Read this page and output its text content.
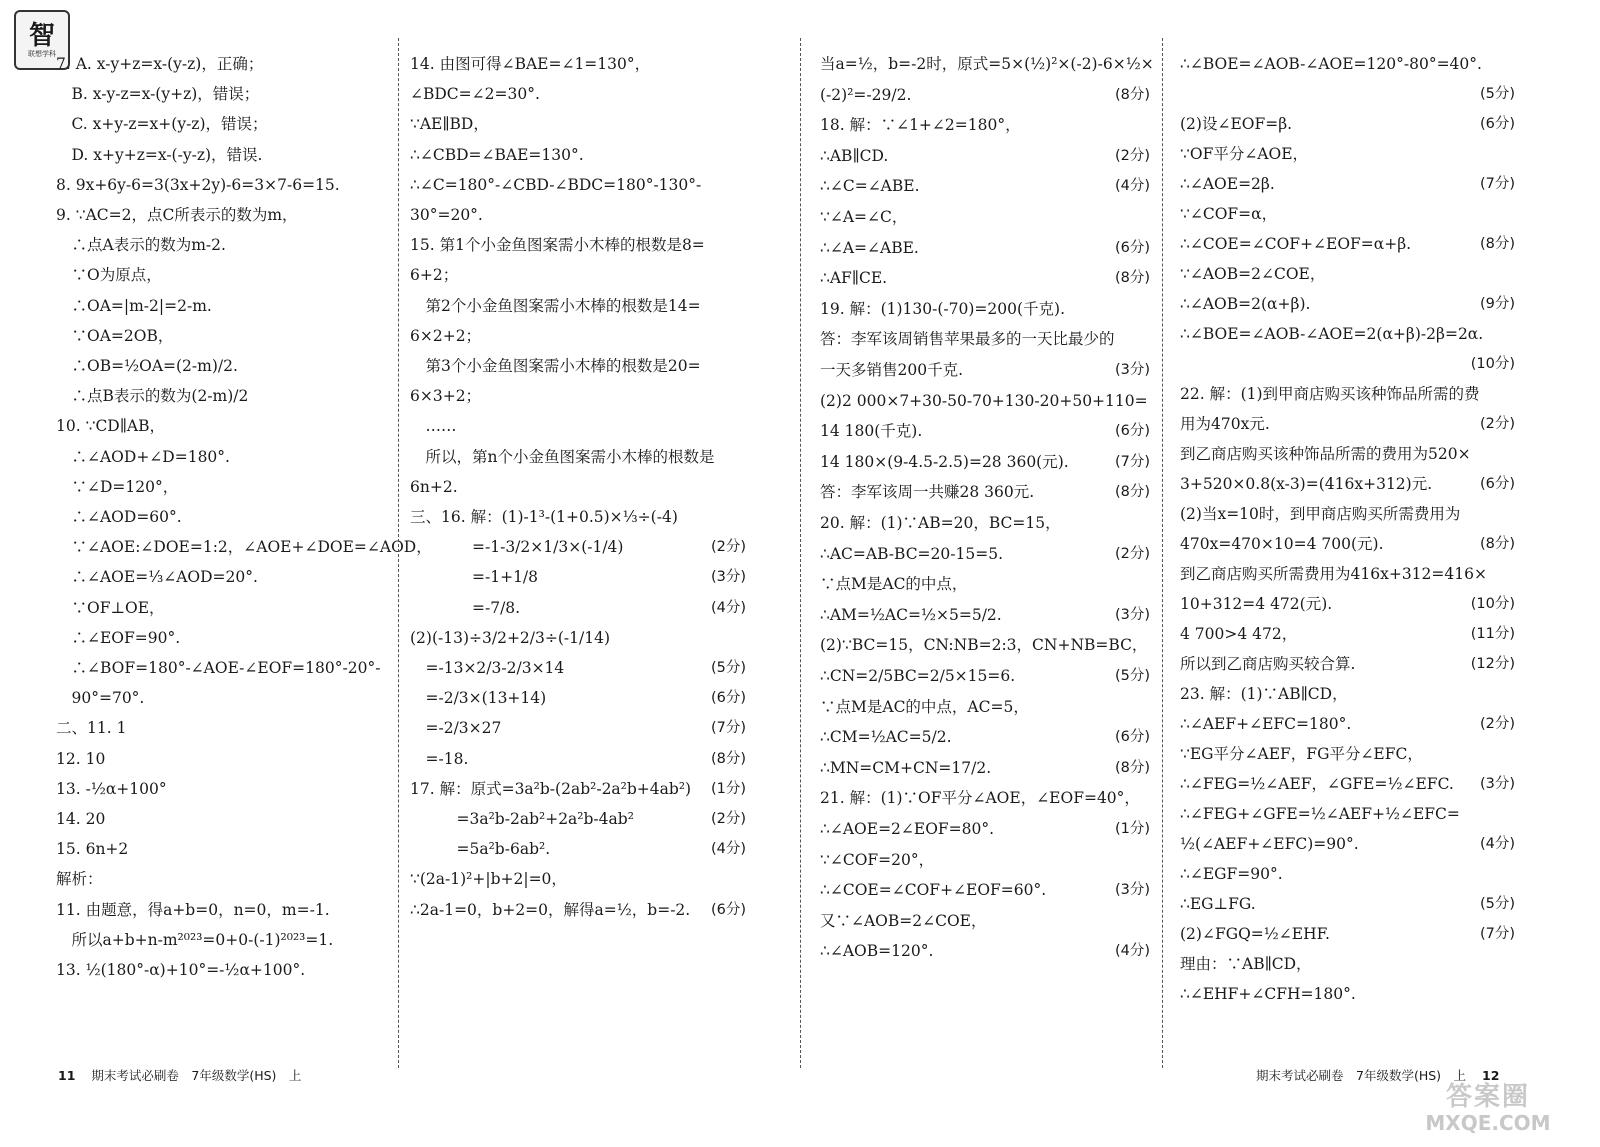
智
联想学科
7. A. x-y+z=x-(y-z)，正确；
　B. x-y-z=x-(y+z)，错误；
　C. x+y-z=x+(y-z)，错误；
　D. x+y+z=x-(-y-z)，错误.
8. 9x+6y-6=3(3x+2y)-6=3×7-6=15.
9. ∵AC=2，点C所表示的数为m，
　∴点A表示的数为m-2.
　∵O为原点，
　∴OA=|m-2|=2-m.
　∵OA=2OB，
　∴OB=½OA=(2-m)/2.
　∴点B表示的数为(2-m)/2
10. ∵CD∥AB，
　∴∠AOD+∠D=180°.
　∵∠D=120°，
　∴∠AOD=60°.
　∵∠AOE:∠DOE=1:2，∠AOE+∠DOE=∠AOD，
　∴∠AOE=⅓∠AOD=20°.
　∵OF⊥OE，
　∴∠EOF=90°.
　∴∠BOF=180°-∠AOE-∠EOF=180°-20°-
　90°=70°.
二、11. 1
12. 10
13. -½α+100°
14. 20
15. 6n+2
解析：
11. 由题意，得a+b=0，n=0，m=-1.
　所以a+b+n-m²⁰²³=0+0-(-1)²⁰²³=1.
13. ½(180°-α)+10°=-½α+100°.
14. 由图可得∠BAE=∠1=130°，
∠BDC=∠2=30°.
∵AE∥BD，
∴∠CBD=∠BAE=130°.
∴∠C=180°-∠CBD-∠BDC=180°-130°-
30°=20°.
15. 第1个小金鱼图案需小木棒的根数是8=
6+2；
　第2个小金鱼图案需小木棒的根数是14=
6×2+2；
　第3个小金鱼图案需小木棒的根数是20=
6×3+2；
　……
　所以，第n个小金鱼图案需小木棒的根数是
6n+2.
三、16. 解：(1)-1³-(1+0.5)×⅓÷(-4)
　　　　=-1-3/2×1/3×(-1/4)	(2分)
　　　　=-1+1/8	(3分)
　　　　=-7/8.	(4分)
(2)(-13)÷3/2+2/3÷(-1/14)
　=-13×2/3-2/3×14	(5分)
　=-2/3×(13+14)	(6分)
　=-2/3×27	(7分)
　=-18.	(8分)
17. 解：原式=3a²b-(2ab²-2a²b+4ab²) (1分)
　　　=3a²b-2ab²+2a²b-4ab²	(2分)
　　　=5a²b-6ab².	(4分)
∵(2a-1)²+|b+2|=0，
∴2a-1=0，b+2=0，解得a=½，b=-2. (6分)
当a=½，b=-2时，原式=5×(½)²×(-2)-6×½×
(-2)²=-29/2.	(8分)
18. 解：∵∠1+∠2=180°，
∴AB∥CD.	(2分)
∴∠C=∠ABE.	(4分)
∵∠A=∠C，
∴∠A=∠ABE.	(6分)
∴AF∥CE.	(8分)
19. 解：(1)130-(-70)=200(千克).
答：李军该周销售苹果最多的一天比最少的
一天多销售200千克.	(3分)
(2)2 000×7+30-50-70+130-20+50+110=
14 180(千克).	(6分)
14 180×(9-4.5-2.5)=28 360(元).	(7分)
答：李军该周一共赚28 360元.	(8分)
20. 解：(1)∵AB=20，BC=15，
∴AC=AB-BC=20-15=5.	(2分)
∵点M是AC的中点，
∴AM=½AC=½×5=5/2.	(3分)
(2)∵BC=15，CN:NB=2:3，CN+NB=BC，
∴CN=2/5BC=2/5×15=6.	(5分)
∵点M是AC的中点，AC=5，
∴CM=½AC=5/2.	(6分)
∴MN=CM+CN=17/2.	(8分)
21. 解：(1)∵OF平分∠AOE，∠EOF=40°，
∴∠AOE=2∠EOF=80°.	(1分)
∵∠COF=20°，
∴∠COE=∠COF+∠EOF=60°.	(3分)
又∵∠AOB=2∠COE，
∴∠AOB=120°.	(4分)
∴∠BOE=∠AOB-∠AOE=120°-80°=40°.
(5分)
(2)设∠EOF=β.	(6分)
∵OF平分∠AOE，
∴∠AOE=2β.	(7分)
∵∠COF=α，
∴∠COE=∠COF+∠EOF=α+β.	(8分)
∵∠AOB=2∠COE，
∴∠AOB=2(α+β).	(9分)
∴∠BOE=∠AOB-∠AOE=2(α+β)-2β=2α.
(10分)
22. 解：(1)到甲商店购买该种饰品所需的费
用为470x元.	(2分)
到乙商店购买该种饰品所需的费用为520×
3+520×0.8(x-3)=(416x+312)元.	(6分)
(2)当x=10时，到甲商店购买所需费用为
470x=470×10=4 700(元).	(8分)
到乙商店购买所需费用为416x+312=416×
10+312=4 472(元).	(10分)
4 700>4 472，	(11分)
所以到乙商店购买较合算.	(12分)
23. 解：(1)∵AB∥CD，
∴∠AEF+∠EFC=180°.	(2分)
∵EG平分∠AEF，FG平分∠EFC，
∴∠FEG=½∠AEF，∠GFE=½∠EFC. (3分)
∴∠FEG+∠GFE=½∠AEF+½∠EFC=
½(∠AEF+∠EFC)=90°.	(4分)
∴∠EGF=90°.
∴EG⊥FG.	(5分)
(2)∠FGQ=½∠EHF.	(7分)
理由：∵AB∥CD，
∴∠EHF+∠CFH=180°.
11 期末考试必刷卷　7年级数学(HS)　上	期末考试必刷卷　7年级数学(HS)　上 12
答案圈
MXQE.COM
